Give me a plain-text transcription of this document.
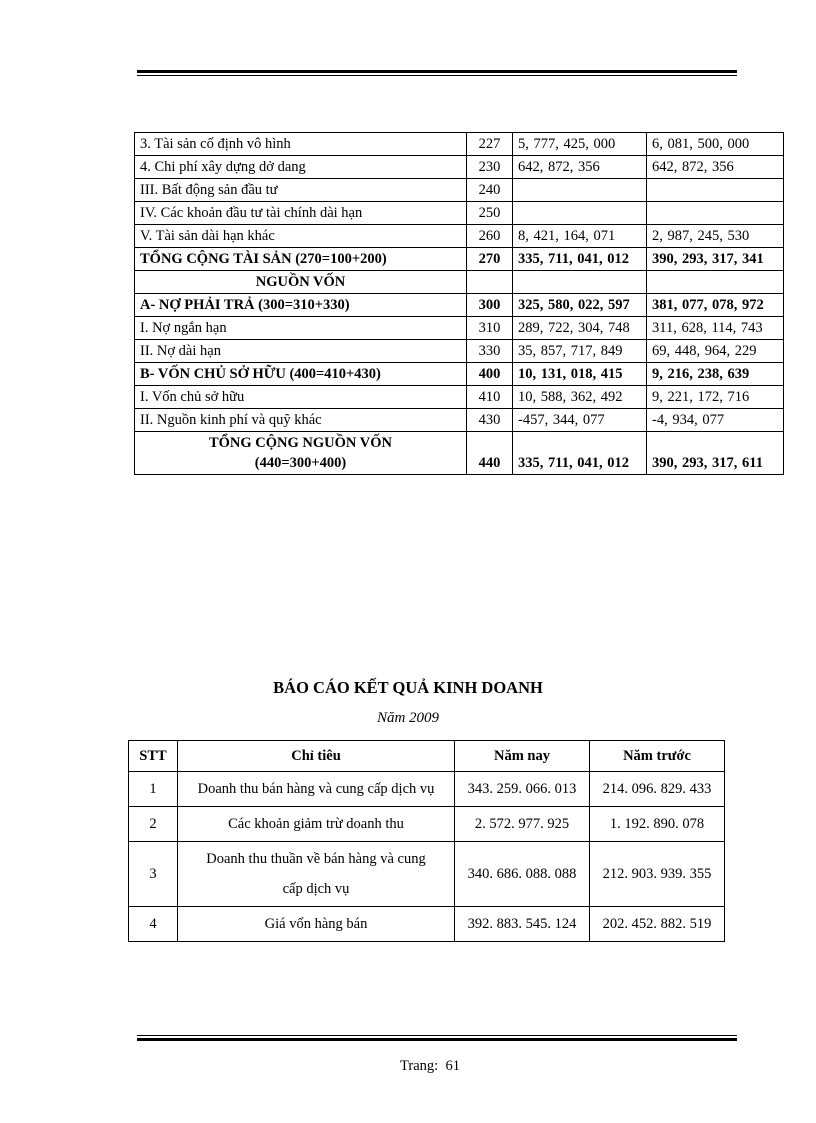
3. Tài sản cố định vô hình	227	5, 777, 425, 000	6, 081, 500, 000
4. Chi phí xây dựng dở dang	230	642, 872, 356	642, 872, 356
III. Bất động sản đầu tư	240		
IV. Các khoản đầu tư tài chính dài hạn	250		
V. Tài sản dài hạn khác	260	8, 421, 164, 071	2, 987, 245, 530
TỔNG CỘNG TÀI SẢN (270=100+200)	270	335, 711, 041, 012	390, 293, 317, 341
NGUỒN VỐN			
A- NỢ PHẢI TRẢ (300=310+330)	300	325, 580, 022, 597	381, 077, 078, 972
I. Nợ ngắn hạn	310	289, 722, 304, 748	311, 628, 114, 743
II. Nợ dài hạn	330	35, 857, 717, 849	69, 448, 964, 229
B- VỐN CHỦ SỞ HỮU (400=410+430)	400	10, 131, 018, 415	9, 216, 238, 639
I. Vốn chủ sở hữu	410	10, 588, 362, 492	9, 221, 172, 716
II. Nguồn kinh phí và quỹ khác	430	-457, 344, 077	-4, 934, 077
TỔNG CỘNG NGUỒN VỐN (440=300+400)	440	335, 711, 041, 012	390, 293, 317, 611
BÁO CÁO KẾT QUẢ KINH DOANH
Năm 2009
STT	Chỉ tiêu	Năm nay	Năm trước
1	Doanh thu bán hàng và cung cấp dịch vụ	343. 259. 066. 013	214. 096. 829. 433
2	Các khoản giảm trừ doanh thu	2. 572. 977. 925	1. 192. 890. 078
3	Doanh thu thuần về bán hàng và cung cấp dịch vụ	340. 686. 088. 088	212. 903. 939. 355
4	Giá vốn hàng bán	392. 883. 545. 124	202. 452. 882. 519
Trang: 61
